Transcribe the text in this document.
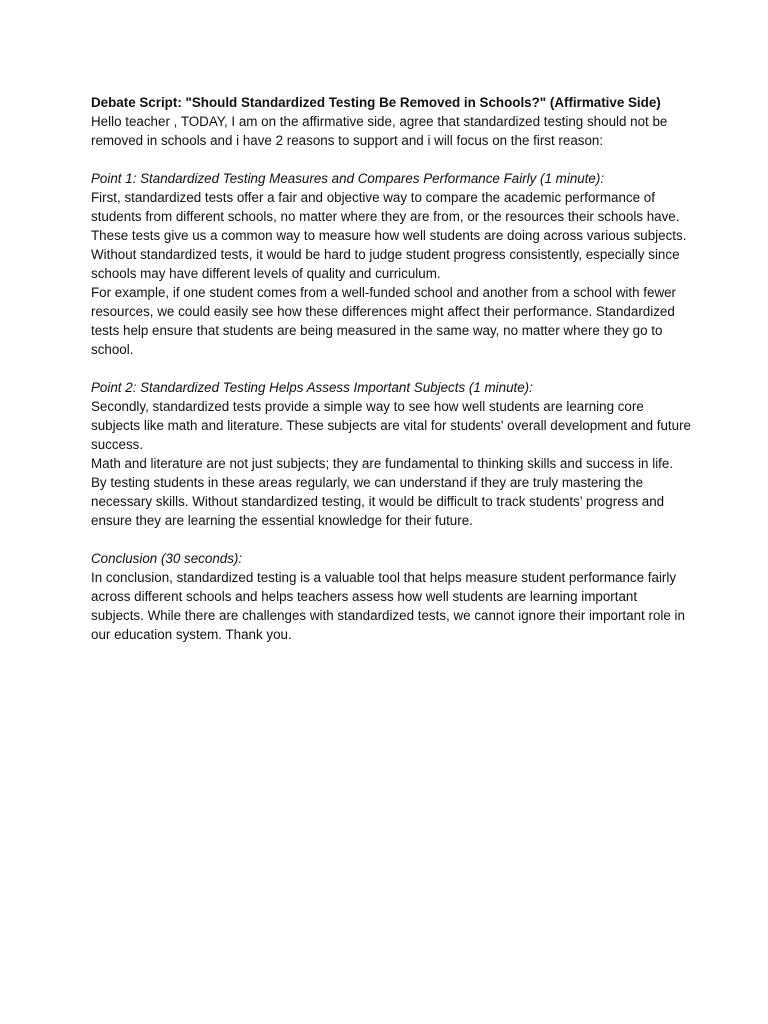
Debate Script: "Should Standardized Testing Be Removed in Schools?" (Affirmative Side)

Hello teacher , TODAY, I am on the affirmative side, agree that standardized testing should not be removed in schools and i have 2 reasons to support and i will focus on the first reason:

Point 1: Standardized Testing Measures and Compares Performance Fairly (1 minute):

First, standardized tests offer a fair and objective way to compare the academic performance of students from different schools, no matter where they are from, or the resources their schools have. These tests give us a common way to measure how well students are doing across various subjects. Without standardized tests, it would be hard to judge student progress consistently, especially since schools may have different levels of quality and curriculum.

For example, if one student comes from a well-funded school and another from a school with fewer resources, we could easily see how these differences might affect their performance. Standardized tests help ensure that students are being measured in the same way, no matter where they go to school.

Point 2: Standardized Testing Helps Assess Important Subjects (1 minute):

Secondly, standardized tests provide a simple way to see how well students are learning core subjects like math and literature. These subjects are vital for students' overall development and future success.

Math and literature are not just subjects; they are fundamental to thinking skills and success in life. By testing students in these areas regularly, we can understand if they are truly mastering the necessary skills. Without standardized testing, it would be difficult to track students’ progress and ensure they are learning the essential knowledge for their future.

Conclusion (30 seconds):

In conclusion, standardized testing is a valuable tool that helps measure student performance fairly across different schools and helps teachers assess how well students are learning important subjects. While there are challenges with standardized tests, we cannot ignore their important role in our education system. Thank you.
